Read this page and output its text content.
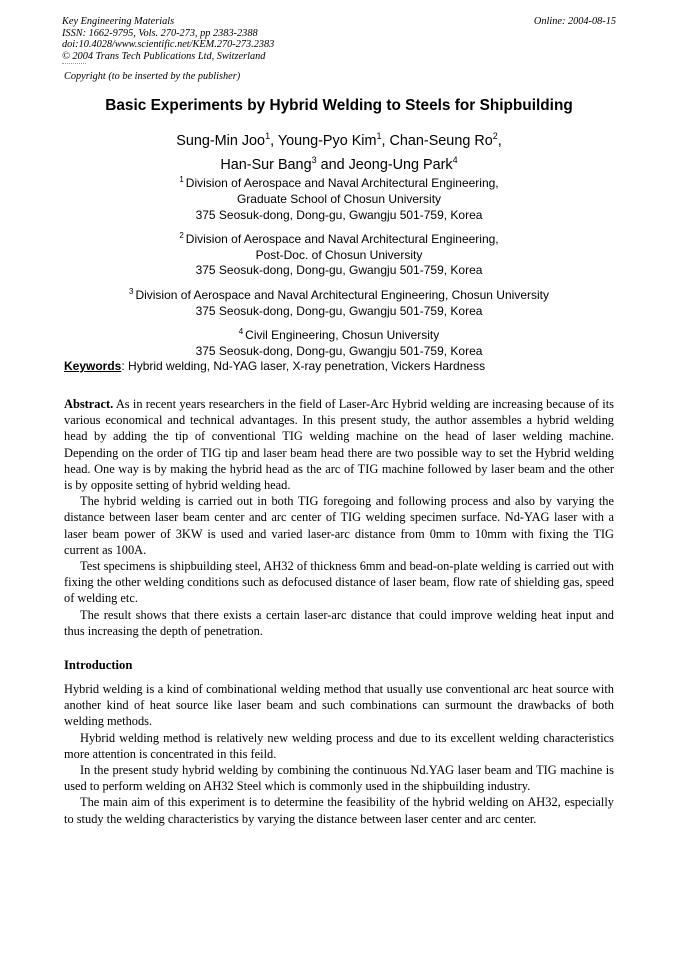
Key Engineering Materials
ISSN: 1662-9795, Vols. 270-273, pp 2383-2388
doi:10.4028/www.scientific.net/KEM.270-273.2383
© 2004 Trans Tech Publications Ltd, Switzerland
Online: 2004-08-15
Copyright (to be inserted by the publisher)
Basic Experiments by Hybrid Welding to Steels for Shipbuilding
Sung-Min Joo$^1$, Young-Pyo Kim$^1$, Chan-Seung Ro$^2$,
Han-Sur Bang$^3$ and Jeong-Ung Park$^4$
$^1$ Division of Aerospace and Naval Architectural Engineering,
Graduate School of Chosun University
375 Seosuk-dong, Dong-gu, Gwangju 501-759, Korea
$^2$ Division of Aerospace and Naval Architectural Engineering,
Post-Doc. of Chosun University
375 Seosuk-dong, Dong-gu, Gwangju 501-759, Korea
$^3$ Division of Aerospace and Naval Architectural Engineering, Chosun University
375 Seosuk-dong, Dong-gu, Gwangju 501-759, Korea
$^4$ Civil Engineering, Chosun University
375 Seosuk-dong, Dong-gu, Gwangju 501-759, Korea
Keywords: Hybrid welding, Nd-YAG laser, X-ray penetration, Vickers Hardness

Abstract. As in recent years researchers in the field of Laser-Arc Hybrid welding are increasing because of its various economical and technical advantages. In this present study, the author assembles a hybrid welding head by adding the tip of conventional TIG welding machine on the head of laser welding machine. Depending on the order of TIG tip and laser beam head there are two possible way to set the Hybrid welding head. One way is by making the hybrid head as the arc of TIG machine followed by laser beam and the other is by opposite setting of hybrid welding head.

The hybrid welding is carried out in both TIG foregoing and following process and also by varying the distance between laser beam center and arc center of TIG welding specimen surface. Nd-YAG laser with a laser beam power of 3KW is used and varied laser-arc distance from 0mm to 10mm with fixing the TIG current as 100A.

Test specimens is shipbuilding steel, AH32 of thickness 6mm and bead-on-plate welding is carried out with fixing the other welding conditions such as defocused distance of laser beam, flow rate of shielding gas, speed of welding etc.

The result shows that there exists a certain laser-arc distance that could improve welding heat input and thus increasing the depth of penetration.

Introduction

Hybrid welding is a kind of combinational welding method that usually use conventional arc heat source with another kind of heat source like laser beam and such combinations can surmount the drawbacks of both welding methods.

Hybrid welding method is relatively new welding process and due to its excellent welding characteristics more attention is concentrated in this feild.

In the present study hybrid welding by combining the continuous Nd.YAG laser beam and TIG machine is used to perform welding on AH32 Steel which is commonly used in the shipbuilding industry.

The main aim of this experiment is to determine the feasibility of the hybrid welding on AH32, especially to study the welding characteristics by varying the distance between laser center and arc center.
